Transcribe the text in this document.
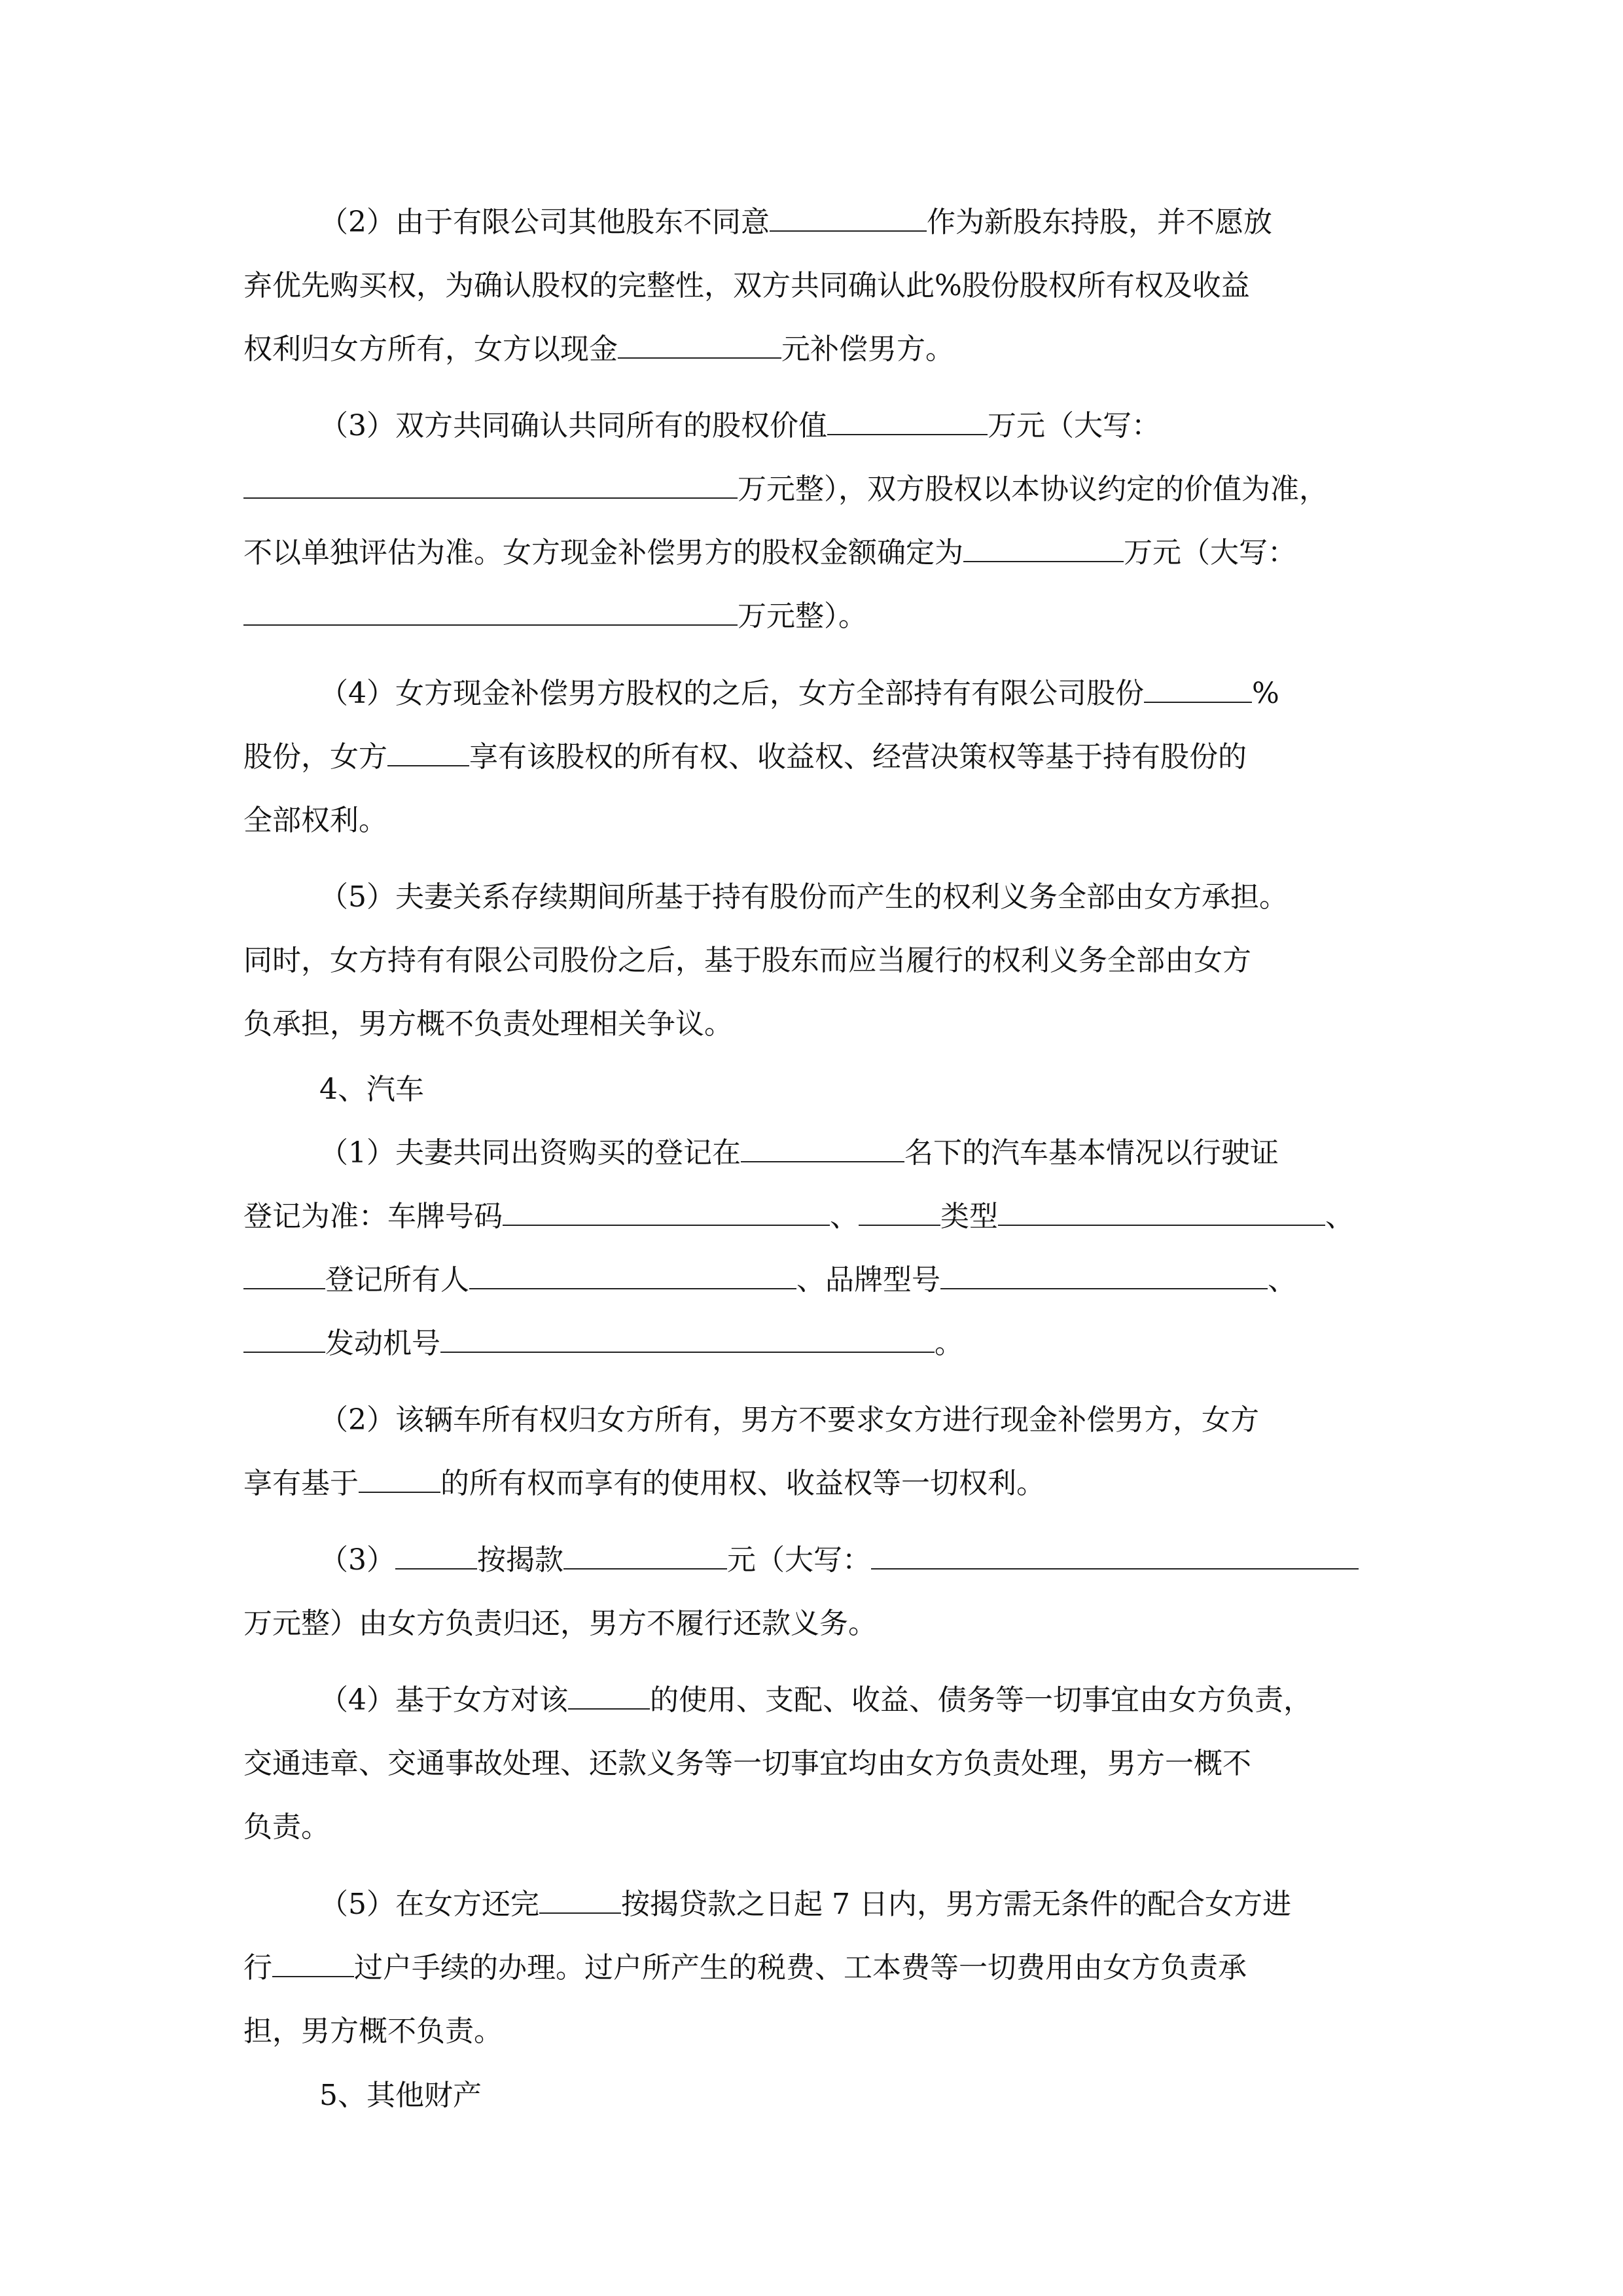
（2）由于有限公司其他股东不同意	作为新股东持股，并不愿放
弃优先购买权，为确认股权的完整性，双方共同确认此%股份股权所有权及收益
权利归女方所有，女方以现金	元补偿男方。
（3）双方共同确认共同所有的股权价值	万元（大写：
万元整），双方股权以本协议约定的价值为准，
不以单独评估为准。女方现金补偿男方的股权金额确定为	万元（大写：
万元整）。
（4）女方现金补偿男方股权的之后，女方全部持有有限公司股份	%
股份，女方	享有该股权的所有权、收益权、经营决策权等基于持有股份的
全部权利。
（5）夫妻关系存续期间所基于持有股份而产生的权利义务全部由女方承担。
同时，女方持有有限公司股份之后，基于股东而应当履行的权利义务全部由女方
负承担，男方概不负责处理相关争议。
4、汽车
（1）夫妻共同出资购买的登记在	名下的汽车基本情况以行驶证
登记为准：车牌号码	、	类型	、
登记所有人	、品牌型号	、
发动机号	。
（2）该辆车所有权归女方所有，男方不要求女方进行现金补偿男方，女方
享有基于	的所有权而享有的使用权、收益权等一切权利。
（3）	按揭款	元（大写：
万元整）由女方负责归还，男方不履行还款义务。
（4）基于女方对该	的使用、支配、收益、债务等一切事宜由女方负责，
交通违章、交通事故处理、还款义务等一切事宜均由女方负责处理，男方一概不
负责。
（5）在女方还完	按揭贷款之日起 7 日内，男方需无条件的配合女方进
行	过户手续的办理。过户所产生的税费、工本费等一切费用由女方负责承
担，男方概不负责。
5、其他财产
